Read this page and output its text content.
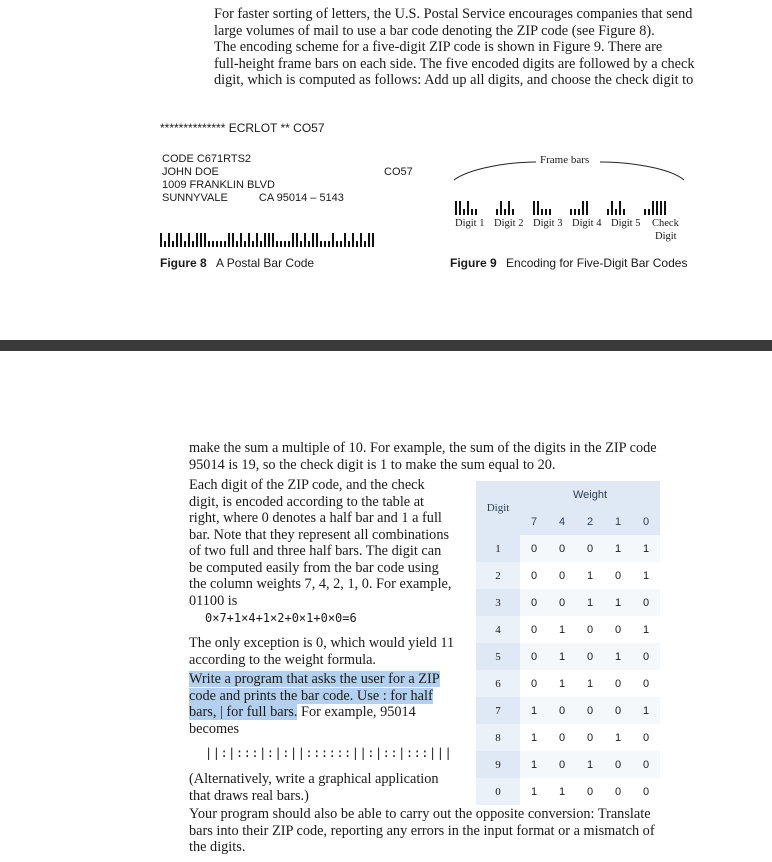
For faster sorting of letters, the U.S. Postal Service encourages companies that send

large volumes of mail to use a bar code denoting the ZIP code (see Figure 8).

The encoding scheme for a five-digit ZIP code is shown in Figure 9. There are

full-height frame bars on each side. The five encoded digits are followed by a check

digit, which is computed as follows: Add up all digits, and choose the check digit to

************** ECRLOT ** CO57
CODE C671RTS2
JOHN DOE
1009 FRANKLIN BLVD
SUNNYVALE	CA 95014 – 5143
CO57
Figure 8 A Postal Bar Code
Frame bars
Digit 1 Digit 2 Digit 3 Digit 4 Digit 5 Check
Digit
Figure 9 Encoding for Five-Digit Bar Codes

make the sum a multiple of 10. For example, the sum of the digits in the ZIP code

95014 is 19, so the check digit is 1 to make the sum equal to 20.

Each digit of the ZIP code, and the check

digit, is encoded according to the table at

right, where 0 denotes a half bar and 1 a full

bar. Note that they represent all combinations

of two full and three half bars. The digit can

be computed easily from the bar code using

the column weights 7, 4, 2, 1, 0. For example,

01100 is

0×7+1×4+1×2+0×1+0×0=6

The only exception is 0, which would yield 11

according to the weight formula.

Write a program that asks the user for a ZIP

code and prints the bar code. Use : for half

bars, | for full bars. For example, 95014

becomes

||:|:::|:|:||::::::||:|::|:::|||

(Alternatively, write a graphical application

that draws real bars.)

Your program should also be able to carry out the opposite conversion: Translate

bars into their ZIP code, reporting any errors in the input format or a mismatch of

the digits.

Digit	Weight				
	7	4	2	1	0
1	0	0	0	1	1
2	0	0	1	0	1
3	0	0	1	1	0
4	0	1	0	0	1
5	0	1	0	1	0
6	0	1	1	0	0
7	1	0	0	0	1
8	1	0	0	1	0
9	1	0	1	0	0
0	1	1	0	0	0
